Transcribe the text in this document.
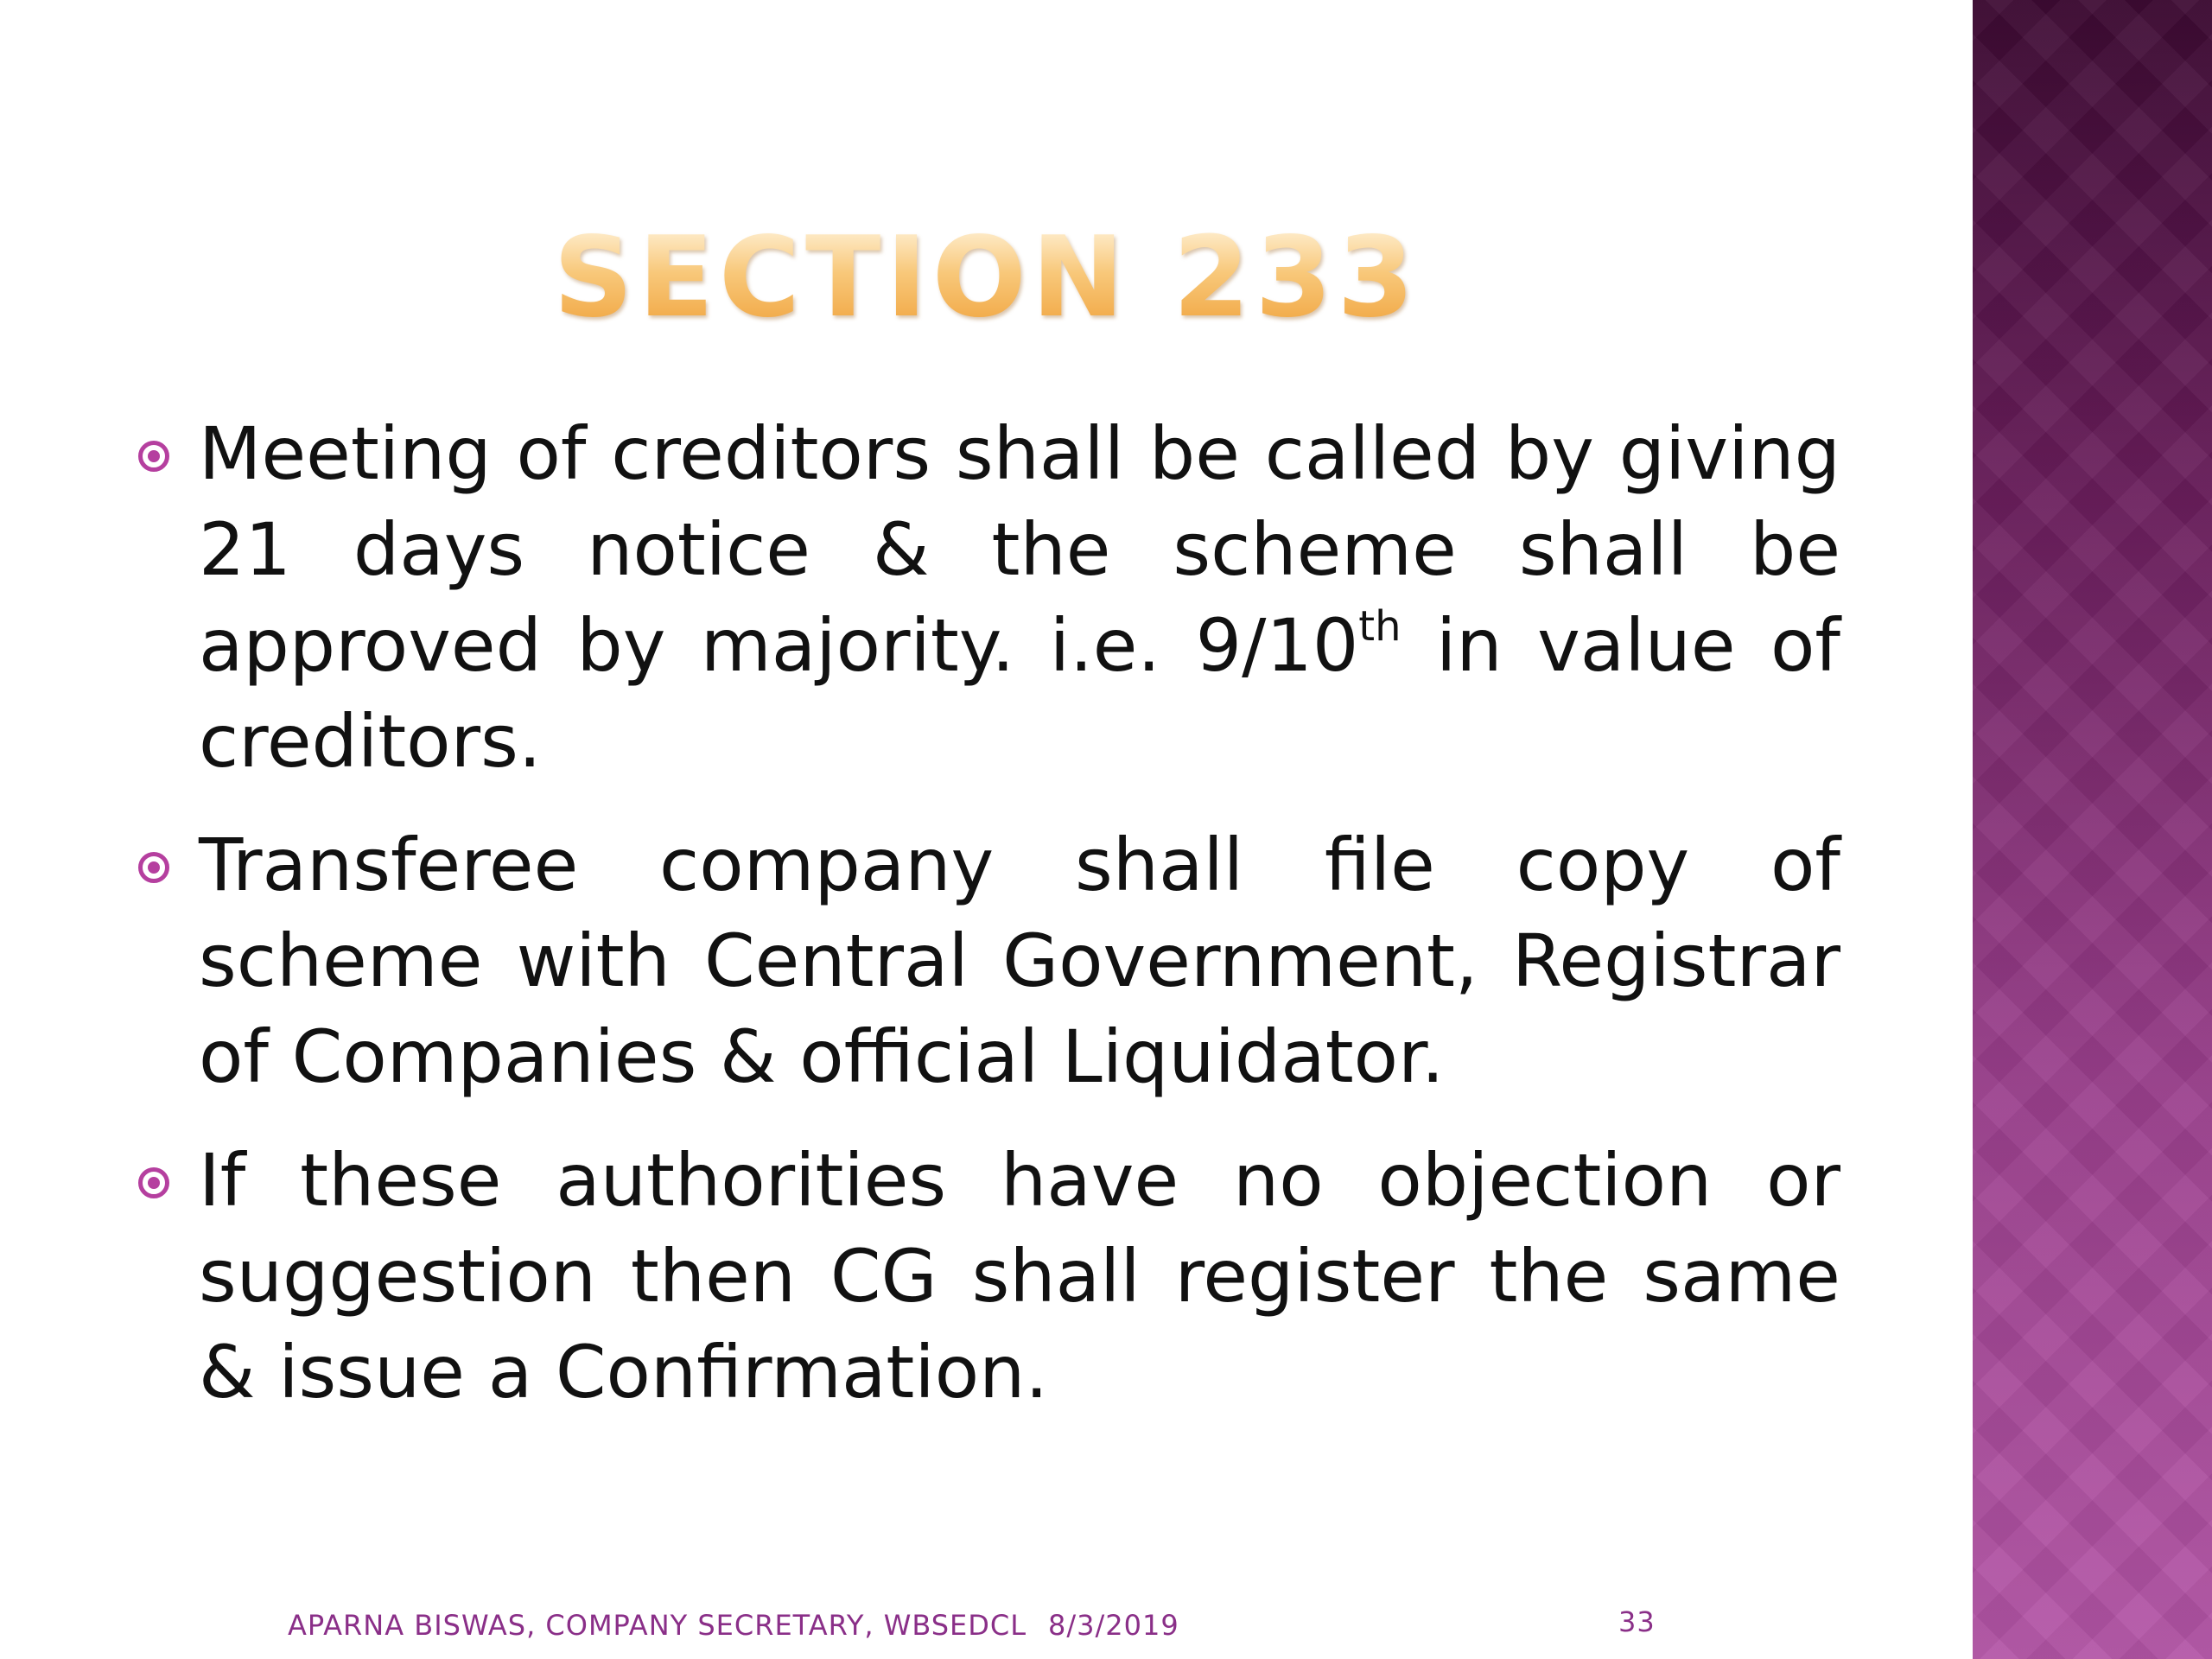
SECTION 233
Meeting of creditors shall be called by giving 21 days notice & the scheme shall be approved by majority. i.e. 9/10th in value of creditors.
Transferee company shall file copy of scheme with Central Government, Registrar of Companies & official Liquidator.
If these authorities have no objection or suggestion then CG shall register the same & issue a Confirmation.

APARNA BISWAS, COMPANY SECRETARY, WBSEDCL 8/3/2019	33
